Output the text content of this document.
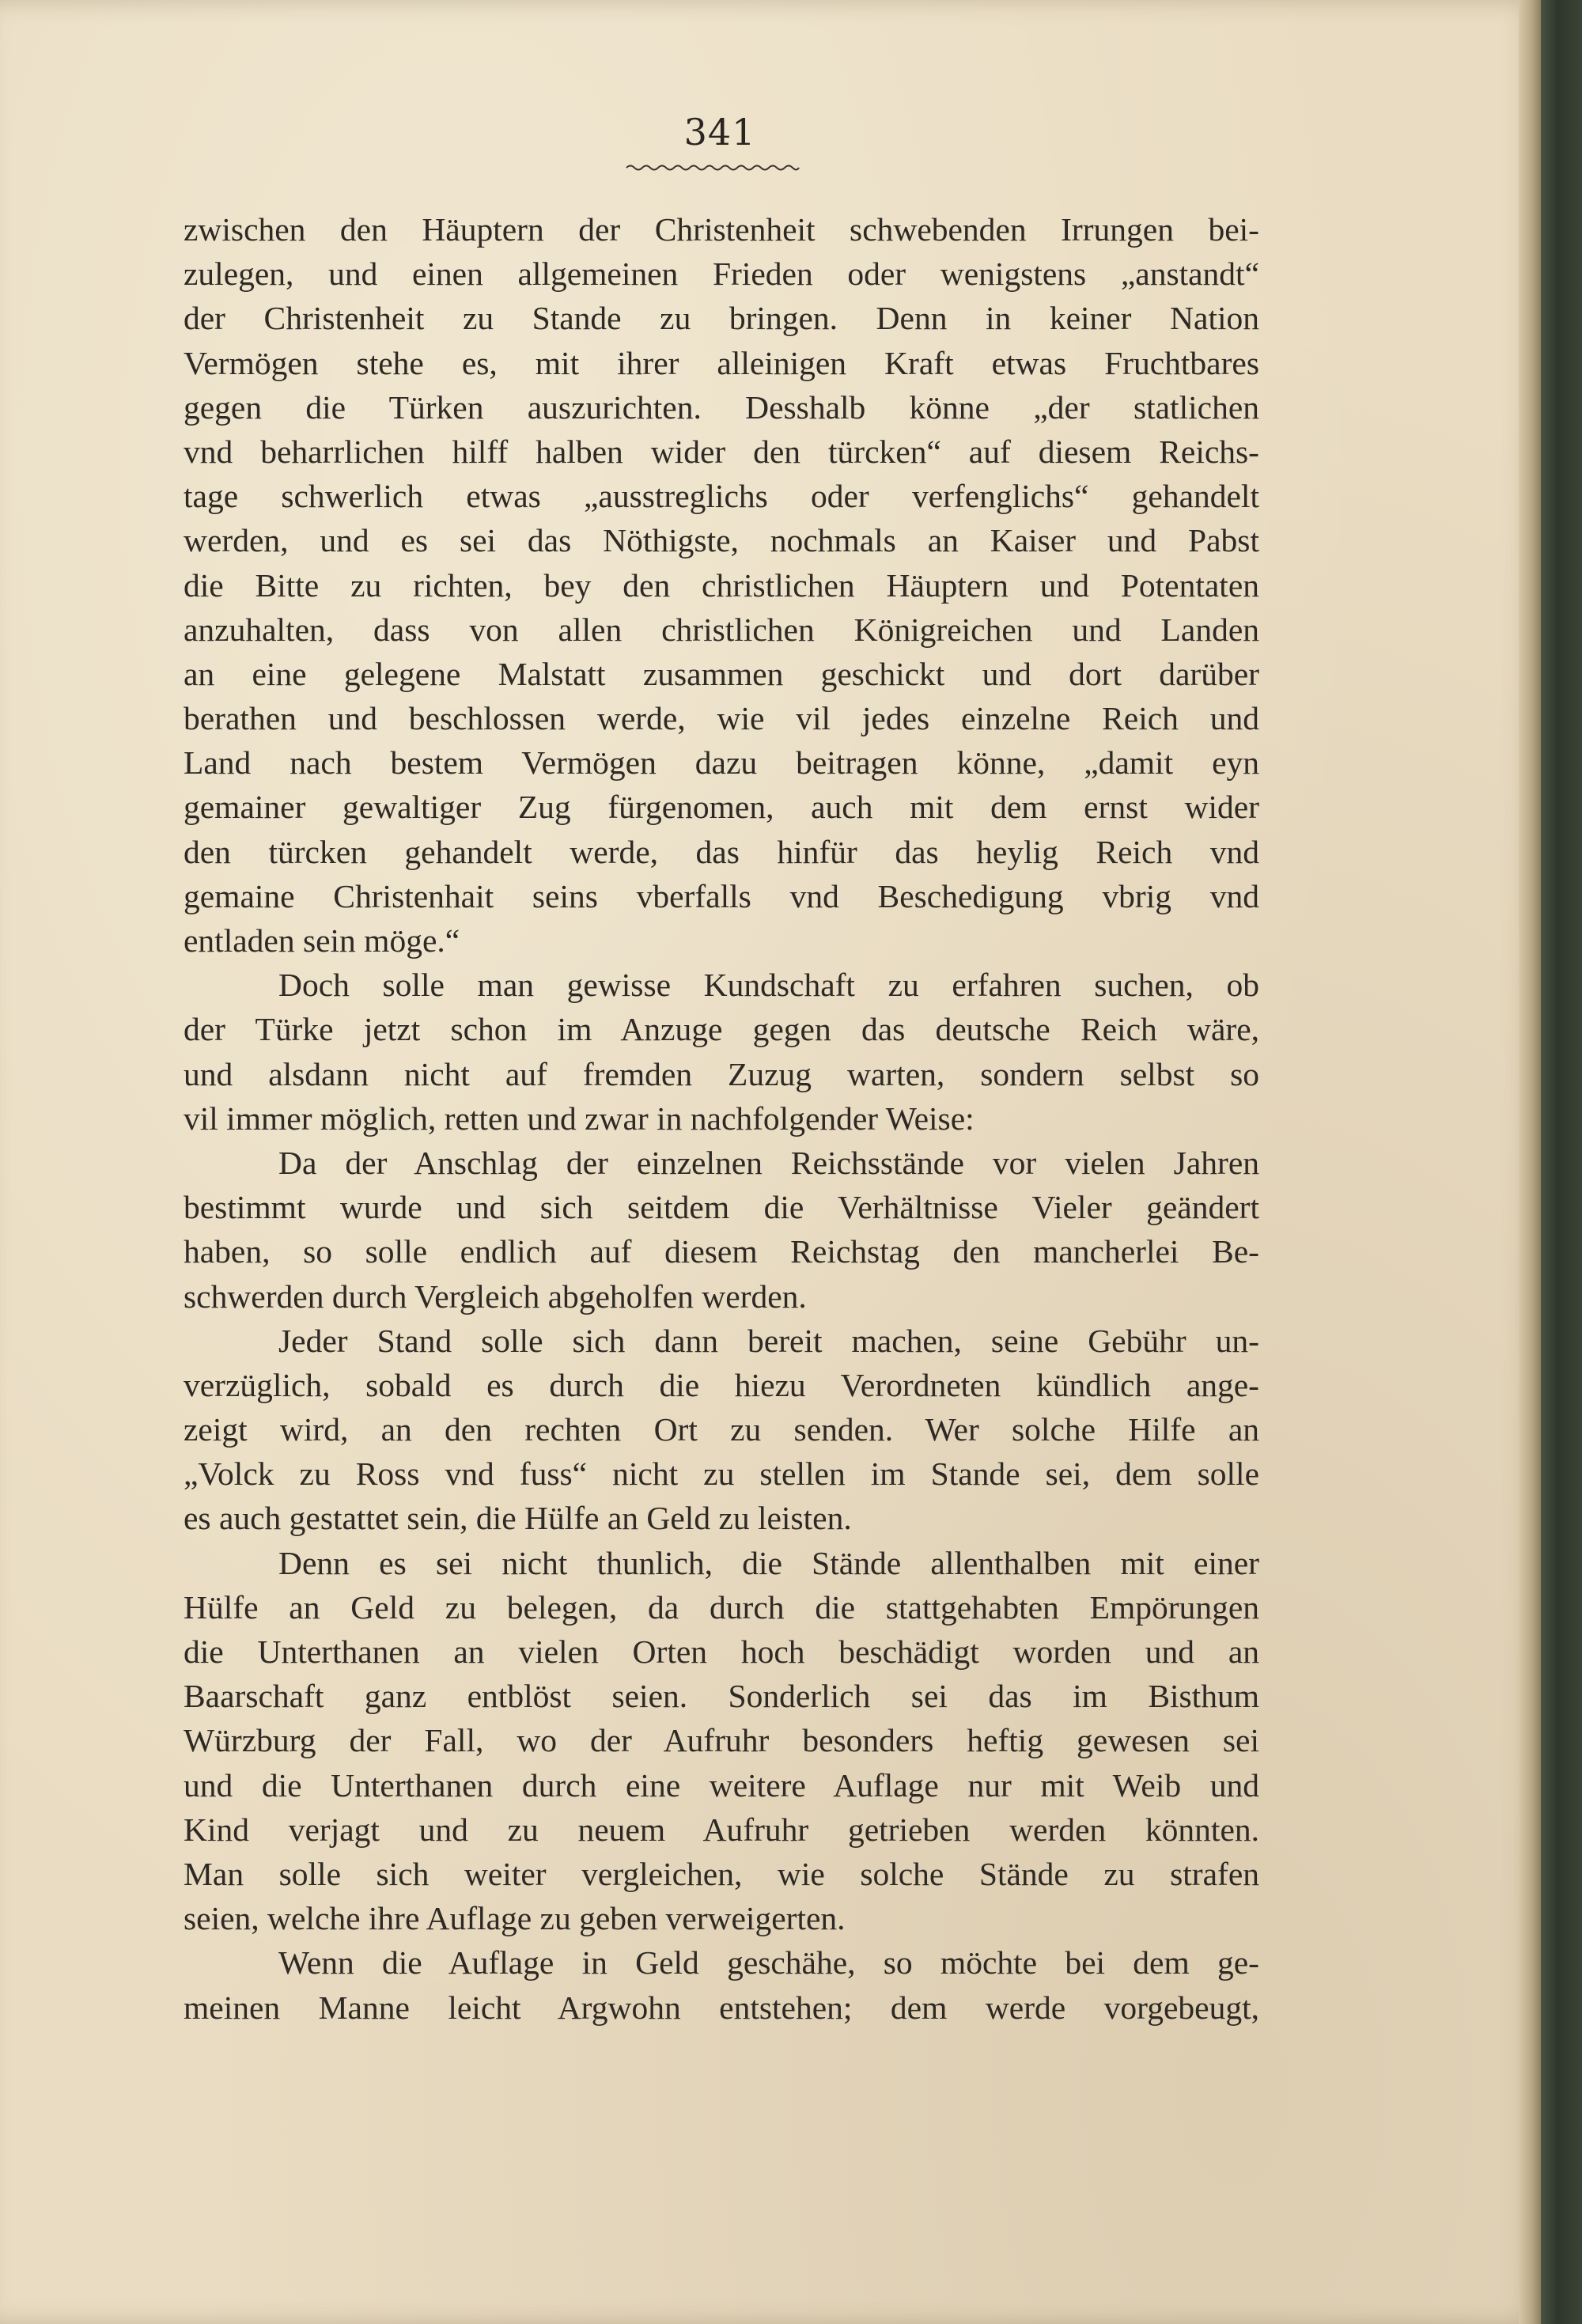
341
zwischen den Häuptern der Christenheit schwebenden Irrungen bei-
zulegen, und einen allgemeinen Frieden oder wenigstens „anstandt“
der Christenheit zu Stande zu bringen. Denn in keiner Nation
Vermögen stehe es, mit ihrer alleinigen Kraft etwas Fruchtbares
gegen die Türken auszurichten. Desshalb könne „der statlichen
vnd beharrlichen hilff halben wider den türcken“ auf diesem Reichs-
tage schwerlich etwas „ausstreglichs oder verfenglichs“ gehandelt
werden, und es sei das Nöthigste, nochmals an Kaiser und Pabst
die Bitte zu richten, bey den christlichen Häuptern und Potentaten
anzuhalten, dass von allen christlichen Königreichen und Landen
an eine gelegene Malstatt zusammen geschickt und dort darüber
berathen und beschlossen werde, wie vil jedes einzelne Reich und
Land nach bestem Vermögen dazu beitragen könne, „damit eyn
gemainer gewaltiger Zug fürgenomen, auch mit dem ernst wider
den türcken gehandelt werde, das hinfür das heylig Reich vnd
gemaine Christenhait seins vberfalls vnd Beschedigung vbrig vnd
entladen sein möge.“
Doch solle man gewisse Kundschaft zu erfahren suchen, ob
der Türke jetzt schon im Anzuge gegen das deutsche Reich wäre,
und alsdann nicht auf fremden Zuzug warten, sondern selbst so
vil immer möglich, retten und zwar in nachfolgender Weise:
Da der Anschlag der einzelnen Reichsstände vor vielen Jahren
bestimmt wurde und sich seitdem die Verhältnisse Vieler geändert
haben, so solle endlich auf diesem Reichstag den mancherlei Be-
schwerden durch Vergleich abgeholfen werden.
Jeder Stand solle sich dann bereit machen, seine Gebühr un-
verzüglich, sobald es durch die hiezu Verordneten kündlich ange-
zeigt wird, an den rechten Ort zu senden. Wer solche Hilfe an
„Volck zu Ross vnd fuss“ nicht zu stellen im Stande sei, dem solle
es auch gestattet sein, die Hülfe an Geld zu leisten.
Denn es sei nicht thunlich, die Stände allenthalben mit einer
Hülfe an Geld zu belegen, da durch die stattgehabten Empörungen
die Unterthanen an vielen Orten hoch beschädigt worden und an
Baarschaft ganz entblöst seien. Sonderlich sei das im Bisthum
Würzburg der Fall, wo der Aufruhr besonders heftig gewesen sei
und die Unterthanen durch eine weitere Auflage nur mit Weib und
Kind verjagt und zu neuem Aufruhr getrieben werden könnten.
Man solle sich weiter vergleichen, wie solche Stände zu strafen
seien, welche ihre Auflage zu geben verweigerten.
Wenn die Auflage in Geld geschähe, so möchte bei dem ge-
meinen Manne leicht Argwohn entstehen; dem werde vorgebeugt,
